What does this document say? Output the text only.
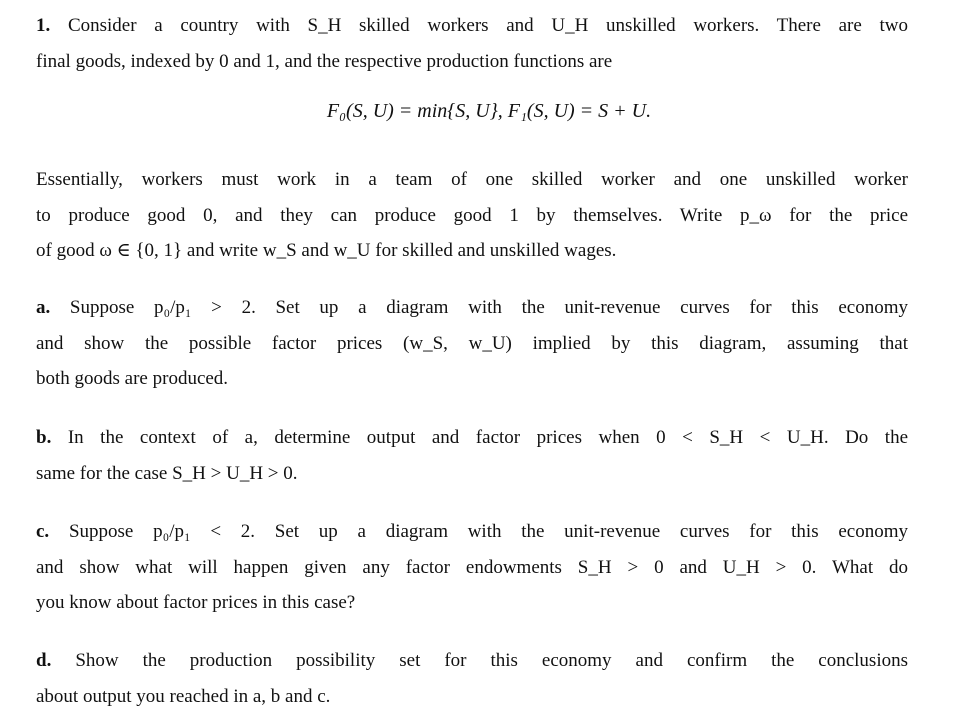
1. Consider a country with S_H skilled workers and U_H unskilled workers. There are two
final goods, indexed by 0 and 1, and the respective production functions are
F₀(S, U) = min{S, U}, F₁(S, U) = S + U.
Essentially, workers must work in a team of one skilled worker and one unskilled worker
to produce good 0, and they can produce good 1 by themselves. Write p_ω for the price
of good ω ∈ {0, 1} and write w_S and w_U for skilled and unskilled wages.
a. Suppose p₀/p₁ > 2. Set up a diagram with the unit-revenue curves for this economy
and show the possible factor prices (w_S, w_U) implied by this diagram, assuming that
both goods are produced.
b. In the context of a, determine output and factor prices when 0 < S_H < U_H. Do the
same for the case S_H > U_H > 0.
c. Suppose p₀/p₁ < 2. Set up a diagram with the unit-revenue curves for this economy
and show what will happen given any factor endowments S_H > 0 and U_H > 0. What do
you know about factor prices in this case?
d. Show the production possibility set for this economy and confirm the conclusions
about output you reached in a, b and c.
